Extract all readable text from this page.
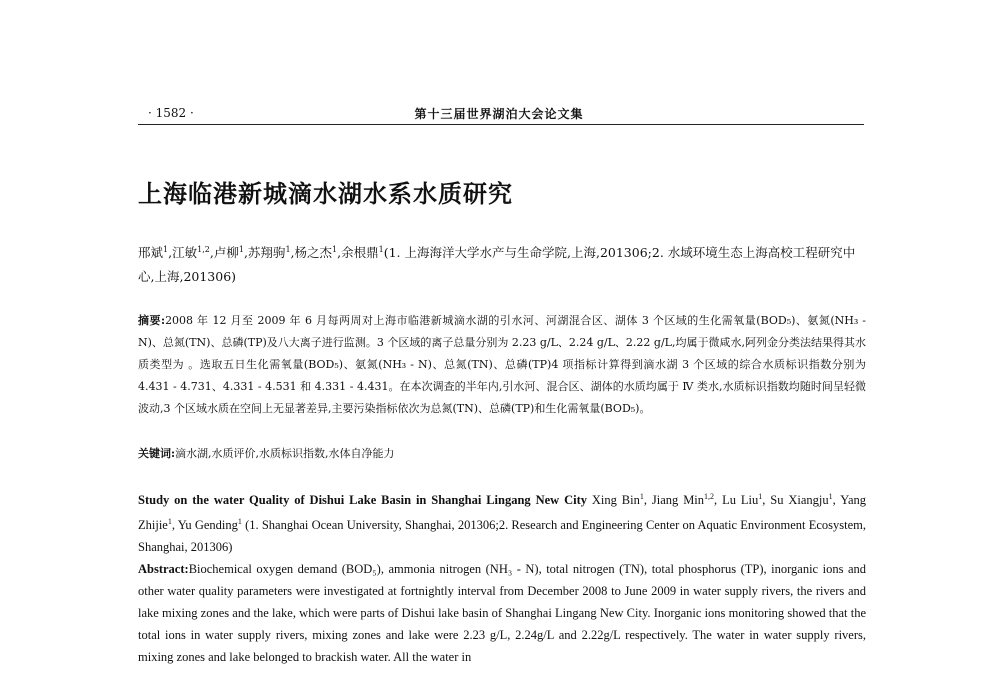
· 1582 ·	第十三届世界湖泊大会论文集
上海临港新城滴水湖水系水质研究
邢斌$^1$,江敏$^{1,2}$,卢柳$^1$,苏翔驹$^1$,杨之杰$^1$,余根鼎$^1$(1. 上海海洋大学水产与生命学院,上海,201306;2. 水域环境生态上海高校工程研究中心,上海,201306)
摘要:2008 年 12 月至 2009 年 6 月每两周对上海市临港新城滴水湖的引水河、河湖混合区、湖体 3 个区域的生化需氧量(BOD₅)、氨氮(NH₃ - N)、总氮(TN)、总磷(TP)及八大离子进行监测。3 个区域的离子总量分别为 2.23 g/L、2.24 g/L、2.22 g/L,均属于微咸水,阿列金分类法结果得其水质类型为 。选取五日生化需氧量(BOD₅)、氨氮(NH₃ - N)、总氮(TN)、总磷(TP)4 项指标计算得到滴水湖 3 个区域的综合水质标识指数分别为 4.431 - 4.731、4.331 - 4.531 和 4.331 - 4.431。在本次调查的半年内,引水河、混合区、湖体的水质均属于 Ⅳ 类水,水质标识指数均随时间呈轻微波动,3 个区域水质在空间上无显著差异,主要污染指标依次为总氮(TN)、总磷(TP)和生化需氧量(BOD₅)。
关键词:滴水湖,水质评价,水质标识指数,水体自净能力
Study on the water Quality of Dishui Lake Basin in Shanghai Lingang New City Xing Bin$^1$, Jiang Min$^{1,2}$, Lu Liu$^1$, Su Xiangju$^1$, Yang Zhijie$^1$, Yu Gending$^1$ (1. Shanghai Ocean University, Shanghai, 201306;2. Research and Engineering Center on Aquatic Environment Ecosystem, Shanghai, 201306)
Abstract:Biochemical oxygen demand (BOD₅), ammonia nitrogen (NH₃ - N), total nitrogen (TN), total phosphorus (TP), inorganic ions and other water quality parameters were investigated at fortnightly interval from December 2008 to June 2009 in water supply rivers, the rivers and lake mixing zones and the lake, which were parts of Dishui lake basin of Shanghai Lingang New City. Inorganic ions monitoring showed that the total ions in water supply rivers, mixing zones and lake were 2.23 g/L, 2.24g/L and 2.22g/L respectively. The water in water supply rivers, mixing zones and lake belonged to brackish water. All the water in
